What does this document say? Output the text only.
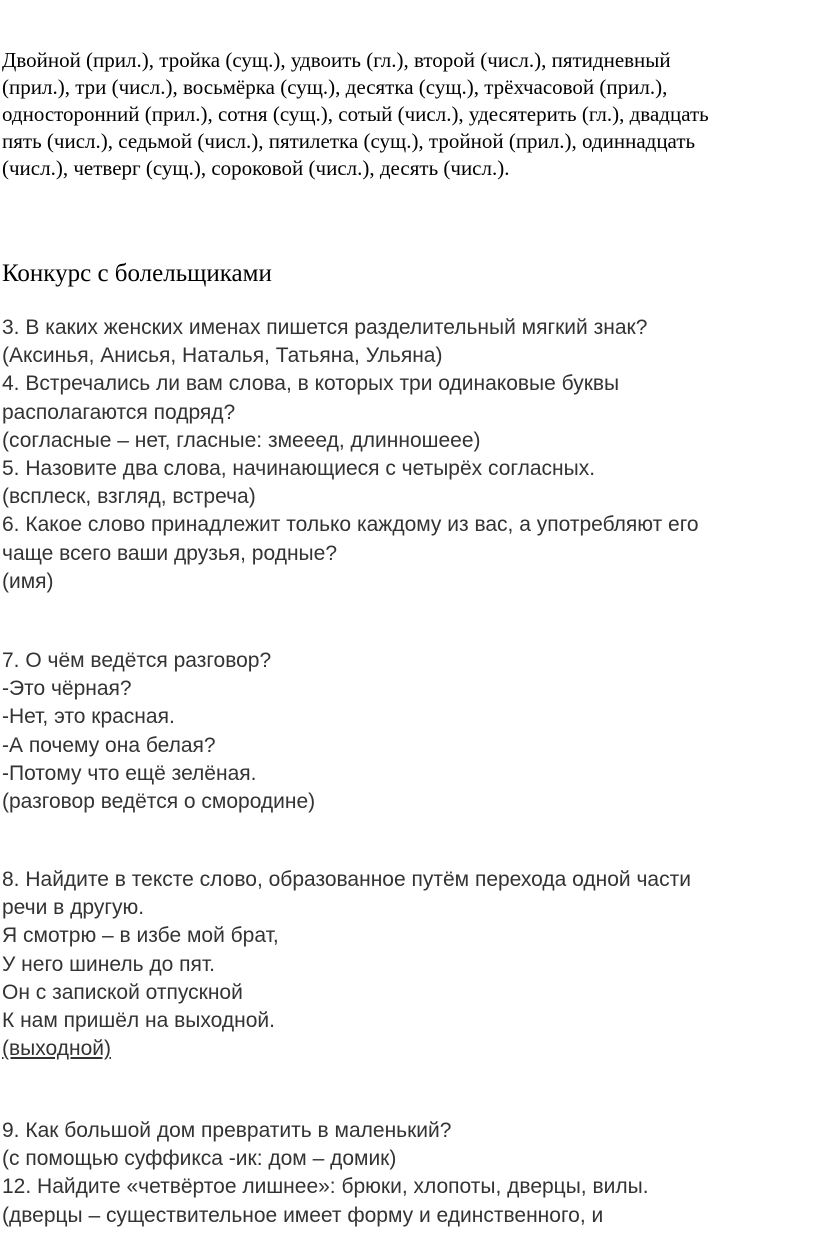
Двойной (прил.), тройка (сущ.), удвоить (гл.), второй (числ.), пятидневный
(прил.), три (числ.), восьмёрка (сущ.), десятка (сущ.), трёхчасовой (прил.),
односторонний (прил.), сотня (сущ.), сотый (числ.), удесятерить (гл.), двадцать
пять (числ.), седьмой (числ.), пятилетка (сущ.), тройной (прил.), одиннадцать
(числ.), четверг (сущ.), сороковой (числ.), десять (числ.).
Конкурс с болельщиками
3. В каких женских именах пишется разделительный мягкий знак?
(Аксинья, Анисья, Наталья, Татьяна, Ульяна)
4. Встречались ли вам слова, в которых три одинаковые буквы
располагаются подряд?
(согласные – нет, гласные: змееед, длинношеее)
5. Назовите два слова, начинающиеся с четырёх согласных.
(всплеск, взгляд, встреча)
6. Какое слово принадлежит только каждому из вас, а употребляют его
чаще всего ваши друзья, родные?
(имя)
7. О чём ведётся разговор?
-Это чёрная?
-Нет, это красная.
-А почему она белая?
-Потому что ещё зелёная.
(разговор ведётся о смородине)
8. Найдите в тексте слово, образованное путём перехода одной части
речи в другую.
Я смотрю – в избе мой брат,
У него шинель до пят.
Он с запиской отпускной
К нам пришёл на выходной.
(выходной)
9. Как большой дом превратить в маленький?
(с помощью суффикса -ик: дом – домик)
12. Найдите «четвёртое лишнее»: брюки, хлопоты, дверцы, вилы.
(дверцы – существительное имеет форму и единственного, и
